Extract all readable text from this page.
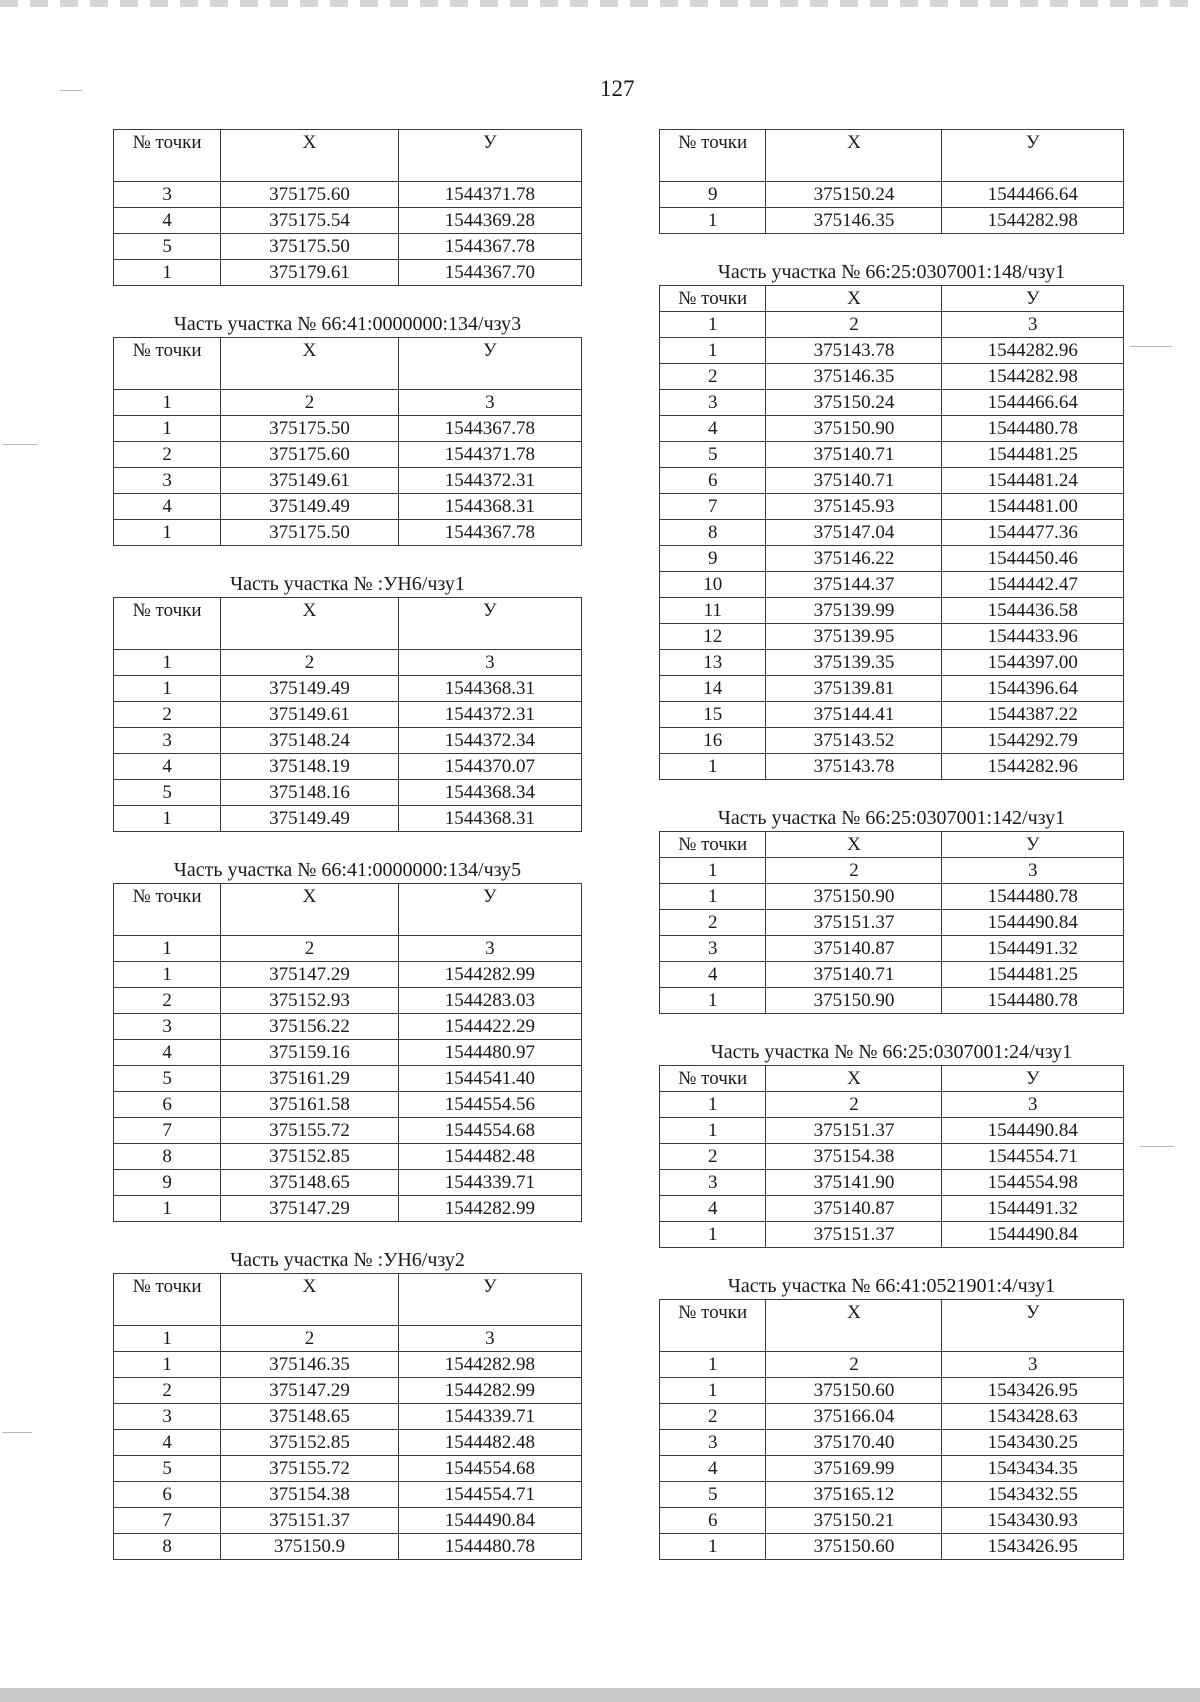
127
№ точки	X	У
3	375175.60	1544371.78
4	375175.54	1544369.28
5	375175.50	1544367.78
1	375179.61	1544367.70
Часть участка № 66:41:0000000:134/чзу3
№ точки	X	У
1	2	3
1	375175.50	1544367.78
2	375175.60	1544371.78
3	375149.61	1544372.31
4	375149.49	1544368.31
1	375175.50	1544367.78
Часть участка № :УН6/чзу1
№ точки	X	У
1	2	3
1	375149.49	1544368.31
2	375149.61	1544372.31
3	375148.24	1544372.34
4	375148.19	1544370.07
5	375148.16	1544368.34
1	375149.49	1544368.31
Часть участка № 66:41:0000000:134/чзу5
№ точки	X	У
1	2	3
1	375147.29	1544282.99
2	375152.93	1544283.03
3	375156.22	1544422.29
4	375159.16	1544480.97
5	375161.29	1544541.40
6	375161.58	1544554.56
7	375155.72	1544554.68
8	375152.85	1544482.48
9	375148.65	1544339.71
1	375147.29	1544282.99
Часть участка № :УН6/чзу2
№ точки	X	У
1	2	3
1	375146.35	1544282.98
2	375147.29	1544282.99
3	375148.65	1544339.71
4	375152.85	1544482.48
5	375155.72	1544554.68
6	375154.38	1544554.71
7	375151.37	1544490.84
8	375150.9	1544480.78
№ точки	X	У
9	375150.24	1544466.64
1	375146.35	1544282.98
Часть участка № 66:25:0307001:148/чзу1
№ точки	X	У
1	2	3
1	375143.78	1544282.96
2	375146.35	1544282.98
3	375150.24	1544466.64
4	375150.90	1544480.78
5	375140.71	1544481.25
6	375140.71	1544481.24
7	375145.93	1544481.00
8	375147.04	1544477.36
9	375146.22	1544450.46
10	375144.37	1544442.47
11	375139.99	1544436.58
12	375139.95	1544433.96
13	375139.35	1544397.00
14	375139.81	1544396.64
15	375144.41	1544387.22
16	375143.52	1544292.79
1	375143.78	1544282.96
Часть участка № 66:25:0307001:142/чзу1
№ точки	X	У
1	2	3
1	375150.90	1544480.78
2	375151.37	1544490.84
3	375140.87	1544491.32
4	375140.71	1544481.25
1	375150.90	1544480.78
Часть участка № № 66:25:0307001:24/чзу1
№ точки	X	У
1	2	3
1	375151.37	1544490.84
2	375154.38	1544554.71
3	375141.90	1544554.98
4	375140.87	1544491.32
1	375151.37	1544490.84
Часть участка № 66:41:0521901:4/чзу1
№ точки	X	У
1	2	3
1	375150.60	1543426.95
2	375166.04	1543428.63
3	375170.40	1543430.25
4	375169.99	1543434.35
5	375165.12	1543432.55
6	375150.21	1543430.93
1	375150.60	1543426.95
